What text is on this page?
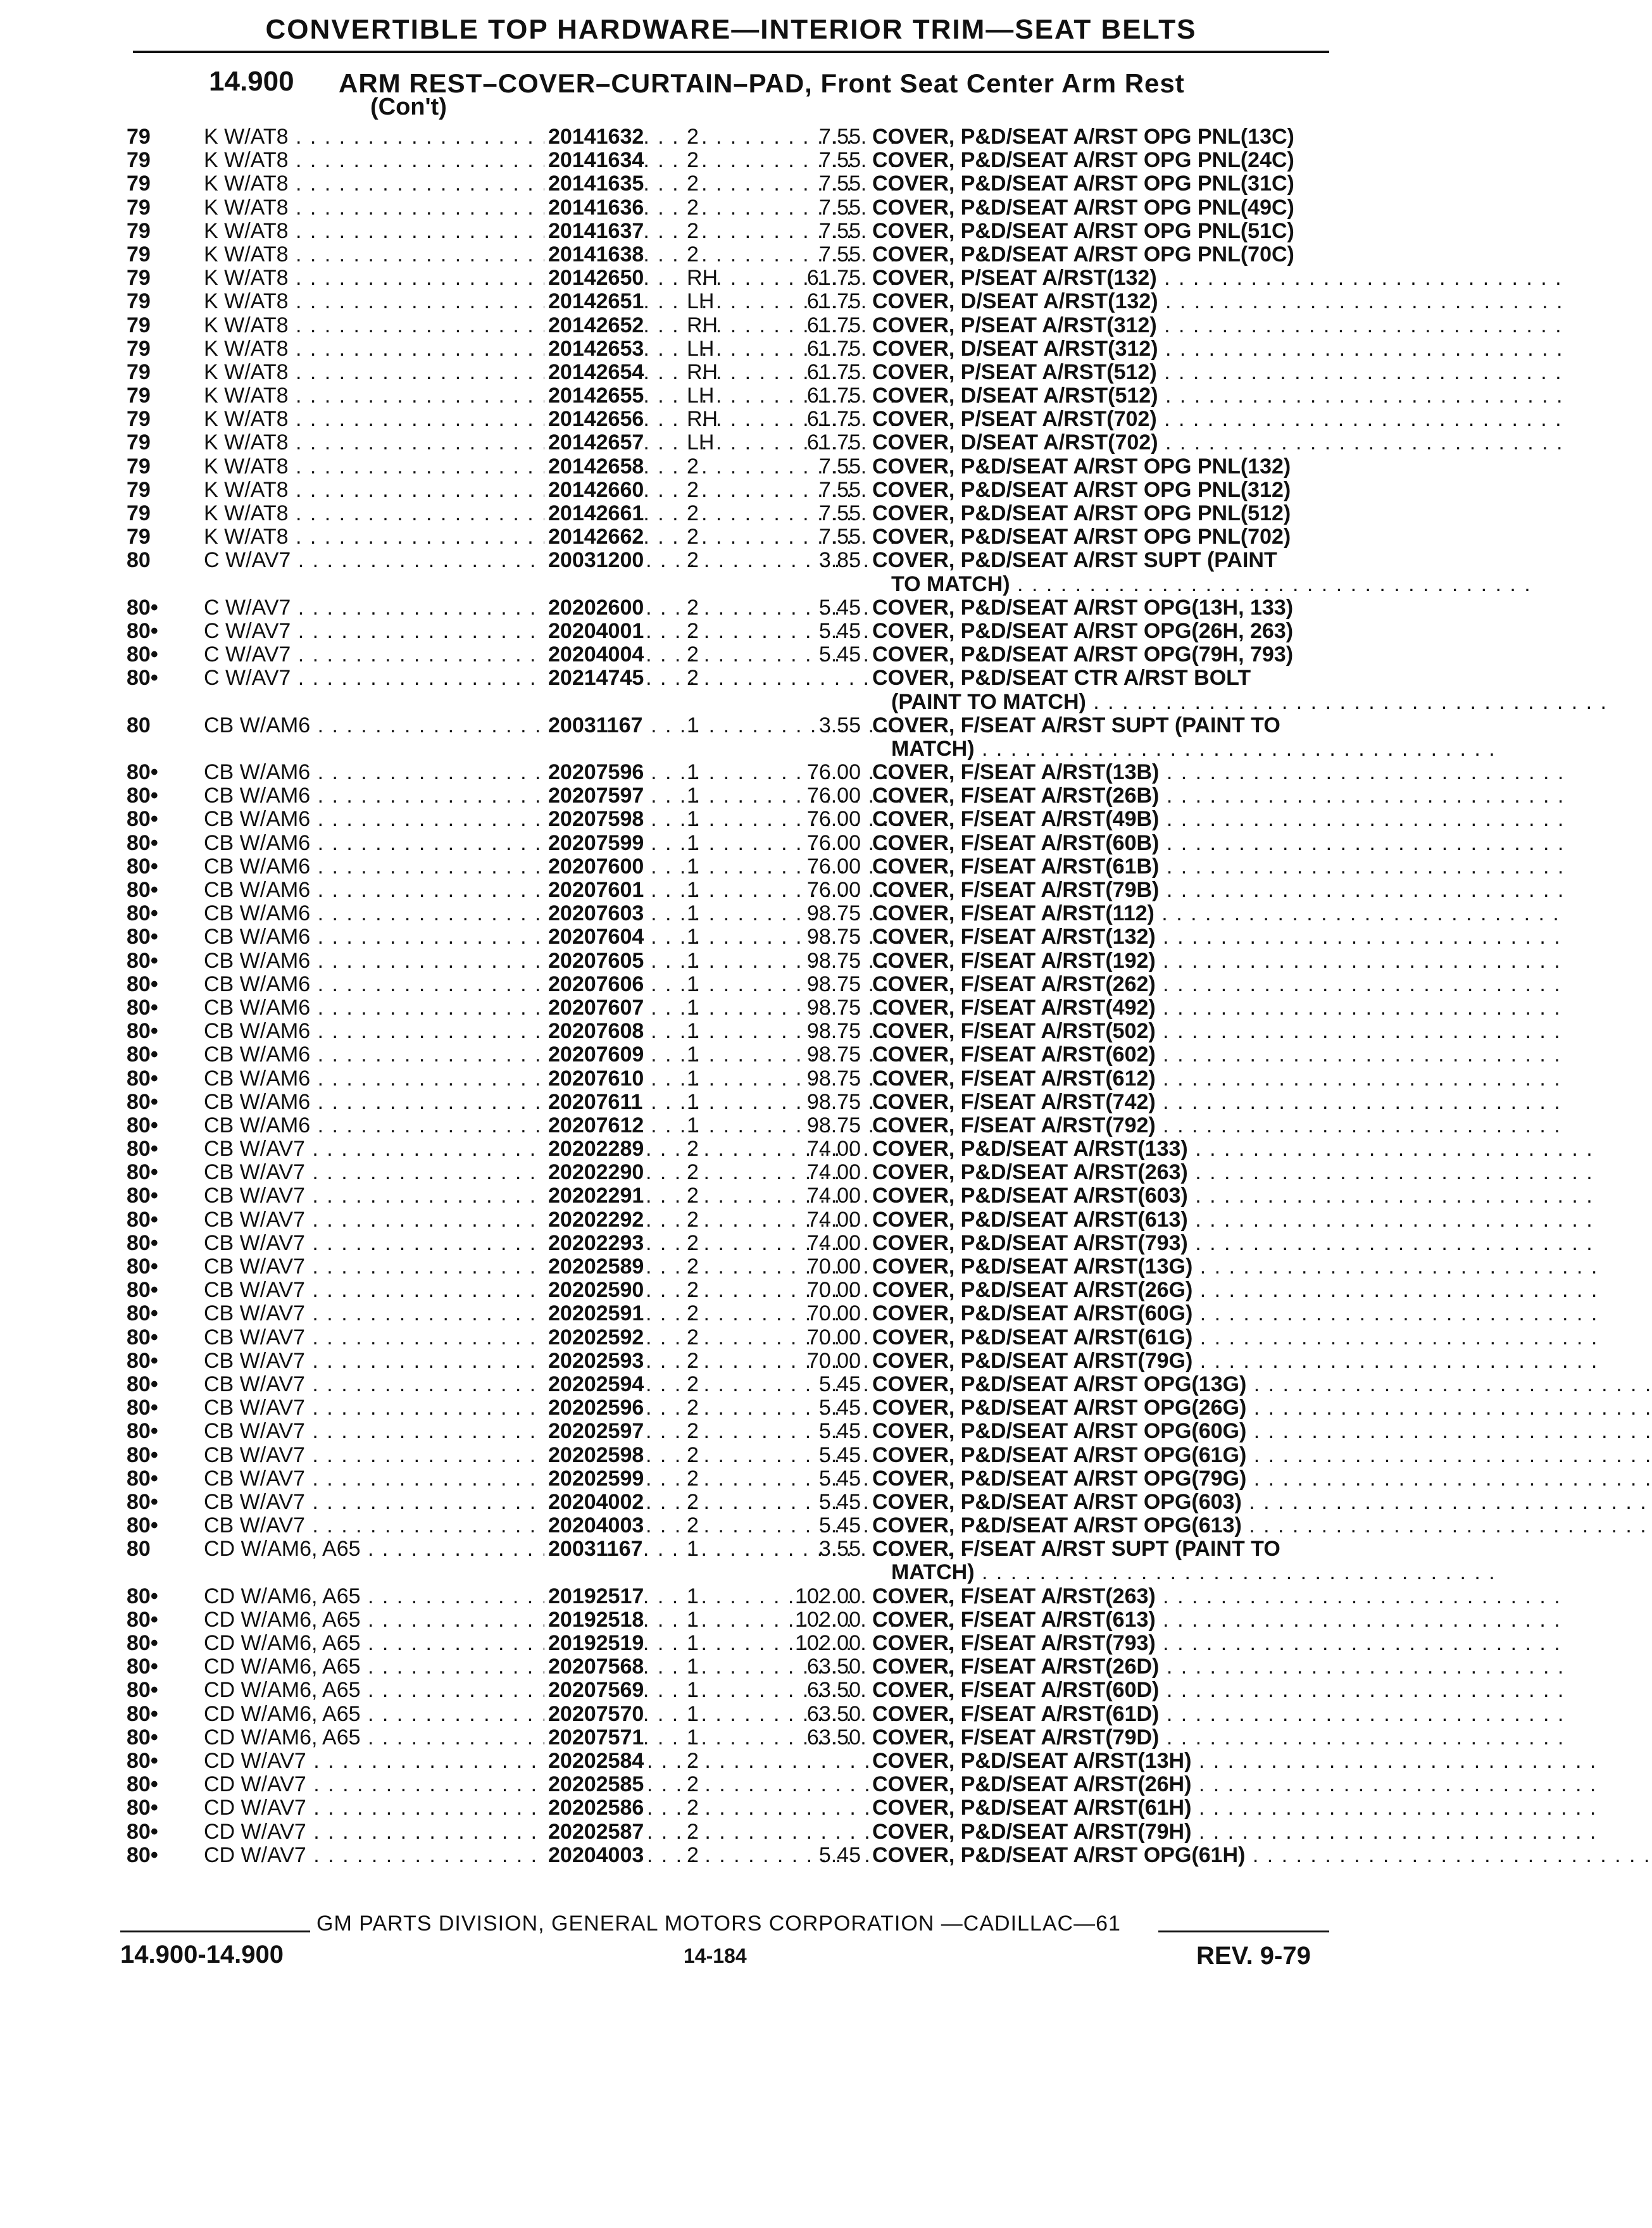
CONVERTIBLE TOP HARDWARE—INTERIOR TRIM—SEAT BELTS
14.900 ARM REST–COVER–CURTAIN–PAD, Front Seat Center Arm Rest
(Con't)
79 K W/AT8 . . .	20141632 2	7.55 COVER, P&D/SEAT A/RST OPG PNL(13C)
79 K W/AT8 . . .	20141634 2	7.55 COVER, P&D/SEAT A/RST OPG PNL(24C)
79 K W/AT8 . . .	20141635 2	7.55 COVER, P&D/SEAT A/RST OPG PNL(31C)
79 K W/AT8 . . .	20141636 2	7.55 COVER, P&D/SEAT A/RST OPG PNL(49C)
79 K W/AT8 . . .	20141637 2	7.55 COVER, P&D/SEAT A/RST OPG PNL(51C)
79 K W/AT8 . . .	20141638 2	7.55 COVER, P&D/SEAT A/RST OPG PNL(70C)
79 K W/AT8 . . .	20142650 RH	61.75 COVER, P/SEAT A/RST(132) . . . . . . . . . . . . . . . . . . . . . . . . . . . .
79 K W/AT8 . . .	20142651 LH	61.75 COVER, D/SEAT A/RST(132) . . . . . . . . . . . . . . . . . . . . . . . . . . . .
79 K W/AT8 . . .	20142652 RH	61.75 COVER, P/SEAT A/RST(312) . . . . . . . . . . . . . . . . . . . . . . . . . . . .
79 K W/AT8 . . .	20142653 LH	61.75 COVER, D/SEAT A/RST(312) . . . . . . . . . . . . . . . . . . . . . . . . . . . .
79 K W/AT8 . . .	20142654 RH	61.75 COVER, P/SEAT A/RST(512) . . . . . . . . . . . . . . . . . . . . . . . . . . . .
79 K W/AT8 . . .	20142655 LH	61.75 COVER, D/SEAT A/RST(512) . . . . . . . . . . . . . . . . . . . . . . . . . . . .
79 K W/AT8 . . .	20142656 RH	61.75 COVER, P/SEAT A/RST(702) . . . . . . . . . . . . . . . . . . . . . . . . . . . .
79 K W/AT8 . . .	20142657 LH	61.75 COVER, D/SEAT A/RST(702) . . . . . . . . . . . . . . . . . . . . . . . . . . . .
79 K W/AT8 . . .	20142658 2	7.55 COVER, P&D/SEAT A/RST OPG PNL(132)
79 K W/AT8 . . .	20142660 2	7.55 COVER, P&D/SEAT A/RST OPG PNL(312)
79 K W/AT8 . . .	20142661 2	7.55 COVER, P&D/SEAT A/RST OPG PNL(512)
79 K W/AT8 . . .	20142662 2	7.55 COVER, P&D/SEAT A/RST OPG PNL(702)
80 C W/AV7 . . .	20031200 2	3.85 COVER, P&D/SEAT A/RST SUPT (PAINT
TO MATCH) . . . . . . . . . . . . . . . . . . . . . . . . . . . . . . . . . . . .
80• C W/AV7 . . .	20202600 2	5.45 COVER, P&D/SEAT A/RST OPG(13H, 133)
80• C W/AV7 . . .	20204001 2	5.45 COVER, P&D/SEAT A/RST OPG(26H, 263)
80• C W/AV7 . . .	20204004 2	5.45 COVER, P&D/SEAT A/RST OPG(79H, 793)
80• C W/AV7 . . .	20214745 2	COVER, P&D/SEAT CTR A/RST BOLT
(PAINT TO MATCH) . . . . . . . . . . . . . . . . . . . . . . . . . . . . . . . . . . . .
80 CB W/AM6 . . .	20031167 1	3.55 COVER, F/SEAT A/RST SUPT (PAINT TO
MATCH) . . . . . . . . . . . . . . . . . . . . . . . . . . . . . . . . . . . .
80• CB W/AM6 . . .	20207596 1	76.00 COVER, F/SEAT A/RST(13B) . . . . . . . . . . . . . . . . . . . . . . . . . . . .
80• CB W/AM6 . . .	20207597 1	76.00 COVER, F/SEAT A/RST(26B) . . . . . . . . . . . . . . . . . . . . . . . . . . . .
80• CB W/AM6 . . .	20207598 1	76.00 COVER, F/SEAT A/RST(49B) . . . . . . . . . . . . . . . . . . . . . . . . . . . .
80• CB W/AM6 . . .	20207599 1	76.00 COVER, F/SEAT A/RST(60B) . . . . . . . . . . . . . . . . . . . . . . . . . . . .
80• CB W/AM6 . . .	20207600 1	76.00 COVER, F/SEAT A/RST(61B) . . . . . . . . . . . . . . . . . . . . . . . . . . . .
80• CB W/AM6 . . .	20207601 1	76.00 COVER, F/SEAT A/RST(79B) . . . . . . . . . . . . . . . . . . . . . . . . . . . .
80• CB W/AM6 . . .	20207603 1	98.75 COVER, F/SEAT A/RST(112) . . . . . . . . . . . . . . . . . . . . . . . . . . . .
80• CB W/AM6 . . .	20207604 1	98.75 COVER, F/SEAT A/RST(132) . . . . . . . . . . . . . . . . . . . . . . . . . . . .
80• CB W/AM6 . . .	20207605 1	98.75 COVER, F/SEAT A/RST(192) . . . . . . . . . . . . . . . . . . . . . . . . . . . .
80• CB W/AM6 . . .	20207606 1	98.75 COVER, F/SEAT A/RST(262) . . . . . . . . . . . . . . . . . . . . . . . . . . . .
80• CB W/AM6 . . .	20207607 1	98.75 COVER, F/SEAT A/RST(492) . . . . . . . . . . . . . . . . . . . . . . . . . . . .
80• CB W/AM6 . . .	20207608 1	98.75 COVER, F/SEAT A/RST(502) . . . . . . . . . . . . . . . . . . . . . . . . . . . .
80• CB W/AM6 . . .	20207609 1	98.75 COVER, F/SEAT A/RST(602) . . . . . . . . . . . . . . . . . . . . . . . . . . . .
80• CB W/AM6 . . .	20207610 1	98.75 COVER, F/SEAT A/RST(612) . . . . . . . . . . . . . . . . . . . . . . . . . . . .
80• CB W/AM6 . . .	20207611 1	98.75 COVER, F/SEAT A/RST(742) . . . . . . . . . . . . . . . . . . . . . . . . . . . .
80• CB W/AM6 . . .	20207612 1	98.75 COVER, F/SEAT A/RST(792) . . . . . . . . . . . . . . . . . . . . . . . . . . . .
80• CB W/AV7 . . .	20202289 2	74.00 COVER, P&D/SEAT A/RST(133) . . . . . . . . . . . . . . . . . . . . . . . . . . . .
80• CB W/AV7 . . .	20202290 2	74.00 COVER, P&D/SEAT A/RST(263) . . . . . . . . . . . . . . . . . . . . . . . . . . . .
80• CB W/AV7 . . .	20202291 2	74.00 COVER, P&D/SEAT A/RST(603) . . . . . . . . . . . . . . . . . . . . . . . . . . . .
80• CB W/AV7 . . .	20202292 2	74.00 COVER, P&D/SEAT A/RST(613) . . . . . . . . . . . . . . . . . . . . . . . . . . . .
80• CB W/AV7 . . .	20202293 2	74.00 COVER, P&D/SEAT A/RST(793) . . . . . . . . . . . . . . . . . . . . . . . . . . . .
80• CB W/AV7 . . .	20202589 2	70.00 COVER, P&D/SEAT A/RST(13G) . . . . . . . . . . . . . . . . . . . . . . . . . . . .
80• CB W/AV7 . . .	20202590 2	70.00 COVER, P&D/SEAT A/RST(26G) . . . . . . . . . . . . . . . . . . . . . . . . . . . .
80• CB W/AV7 . . .	20202591 2	70.00 COVER, P&D/SEAT A/RST(60G) . . . . . . . . . . . . . . . . . . . . . . . . . . . .
80• CB W/AV7 . . .	20202592 2	70.00 COVER, P&D/SEAT A/RST(61G) . . . . . . . . . . . . . . . . . . . . . . . . . . . .
80• CB W/AV7 . . .	20202593 2	70.00 COVER, P&D/SEAT A/RST(79G) . . . . . . . . . . . . . . . . . . . . . . . . . . . .
80• CB W/AV7 . . .	20202594 2	5.45 COVER, P&D/SEAT A/RST OPG(13G) . . . . . . . . . . . . . . . . . . . . . . . . . . . .
80• CB W/AV7 . . .	20202596 2	5.45 COVER, P&D/SEAT A/RST OPG(26G) . . . . . . . . . . . . . . . . . . . . . . . . . . . .
80• CB W/AV7 . . .	20202597 2	5.45 COVER, P&D/SEAT A/RST OPG(60G) . . . . . . . . . . . . . . . . . . . . . . . . . . . .
80• CB W/AV7 . . .	20202598 2	5.45 COVER, P&D/SEAT A/RST OPG(61G) . . . . . . . . . . . . . . . . . . . . . . . . . . . .
80• CB W/AV7 . . .	20202599 2	5.45 COVER, P&D/SEAT A/RST OPG(79G) . . . . . . . . . . . . . . . . . . . . . . . . . . . .
80• CB W/AV7 . . .	20204002 2	5.45 COVER, P&D/SEAT A/RST OPG(603) . . . . . . . . . . . . . . . . . . . . . . . . . . . .
80• CB W/AV7 . . .	20204003 2	5.45 COVER, P&D/SEAT A/RST OPG(613) . . . . . . . . . . . . . . . . . . . . . . . . . . . .
80 CD W/AM6, A65 . . .	20031167 1	3.55 COVER, F/SEAT A/RST SUPT (PAINT TO
MATCH) . . . . . . . . . . . . . . . . . . . . . . . . . . . . . . . . . . . .
80• CD W/AM6, A65 . . .	20192517 1	102.00 COVER, F/SEAT A/RST(263) . . . . . . . . . . . . . . . . . . . . . . . . . . . .
80• CD W/AM6, A65 . . .	20192518 1	102.00 COVER, F/SEAT A/RST(613) . . . . . . . . . . . . . . . . . . . . . . . . . . . .
80• CD W/AM6, A65 . . .	20192519 1	102.00 COVER, F/SEAT A/RST(793) . . . . . . . . . . . . . . . . . . . . . . . . . . . .
80• CD W/AM6, A65 . . .	20207568 1	63.50 COVER, F/SEAT A/RST(26D) . . . . . . . . . . . . . . . . . . . . . . . . . . . .
80• CD W/AM6, A65 . . .	20207569 1	63.50 COVER, F/SEAT A/RST(60D) . . . . . . . . . . . . . . . . . . . . . . . . . . . .
80• CD W/AM6, A65 . . .	20207570 1	63.50 COVER, F/SEAT A/RST(61D) . . . . . . . . . . . . . . . . . . . . . . . . . . . .
80• CD W/AM6, A65 . . .	20207571 1	63.50 COVER, F/SEAT A/RST(79D) . . . . . . . . . . . . . . . . . . . . . . . . . . . .
80• CD W/AV7 . . .	20202584 2	COVER, P&D/SEAT A/RST(13H) . . . . . . . . . . . . . . . . . . . . . . . . . . . .
80• CD W/AV7 . . .	20202585 2	COVER, P&D/SEAT A/RST(26H) . . . . . . . . . . . . . . . . . . . . . . . . . . . .
80• CD W/AV7 . . .	20202586 2	COVER, P&D/SEAT A/RST(61H) . . . . . . . . . . . . . . . . . . . . . . . . . . . .
80• CD W/AV7 . . .	20202587 2	COVER, P&D/SEAT A/RST(79H) . . . . . . . . . . . . . . . . . . . . . . . . . . . .
80• CD W/AV7 . . .	20204003 2	5.45 COVER, P&D/SEAT A/RST OPG(61H) . . . . . . . . . . . . . . . . . . . . . . . . . . . .
GM PARTS DIVISION, GENERAL MOTORS CORPORATION —CADILLAC—61
14.900-14.900	14-184	REV. 9-79
